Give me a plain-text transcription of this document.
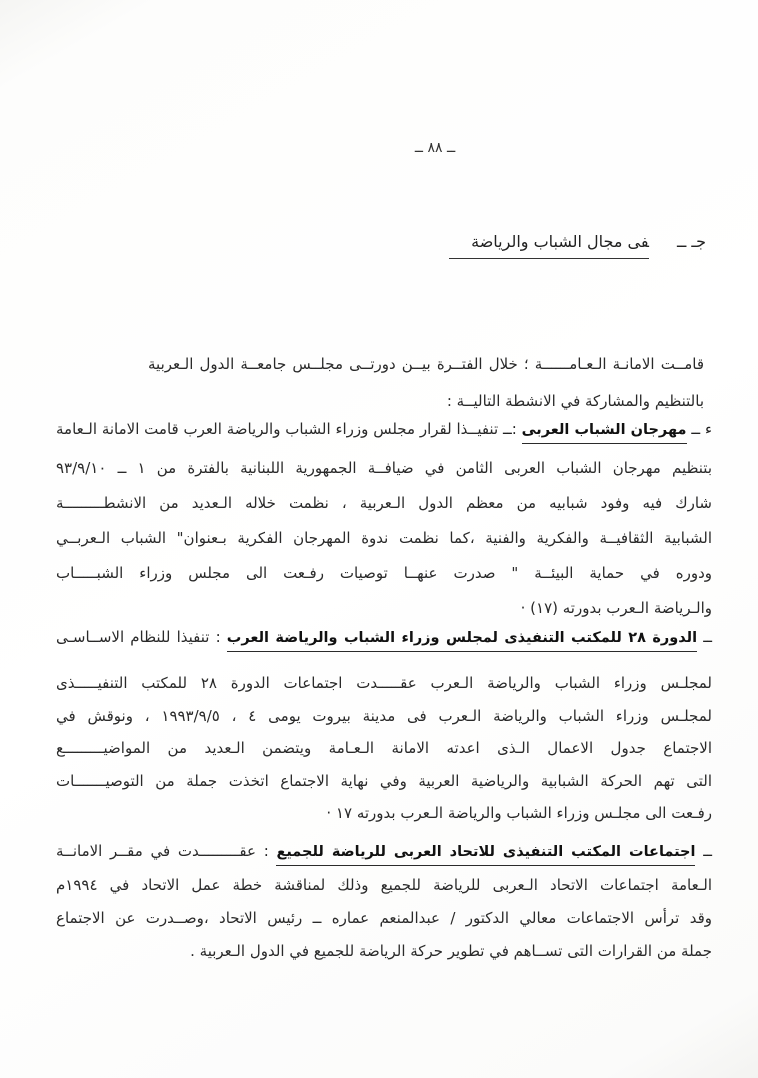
ــ ٨٨ ــ
جـ ــفى مجال الشباب والرياضة
قامــت الامانـة الـعـامــــــة ؛ خلال الفتــرة بيــن دورتــى مجلــس جامعــة الدول الـعربية
بالتنظيم والمشاركة في الانشطة التاليــة :
ء ــ مهرجان الشباب العربى :ــ تنفيــذا لقرار مجلس وزراء الشباب والرياضة العرب قامت الامانة الـعامة
بتنظيم مهرجان الشباب العربى الثامن في ضيافــة الجمهورية اللبنانية بالفترة من ١ ــ ٩٣/٩/١٠
شارك فيه وفود شبابيه من معظم الدول الـعربية ، نظمت خلاله الـعديد من الانشطـــــــــة
الشبابية الثقافيــة والفكرية والفنية ،كما نظمت ندوة المهرجان الفكرية بـعنوان" الشباب الـعربــي
ودوره في حماية البيئــة " صدرت عنهــا توصيات رفـعت الى مجلس وزراء الشبـــــاب
والـرياضة الـعرب بدورته (١٧) ·
ــ الدورة ٢٨ للمكتب التنفيذى لمجلس وزراء الشباب والرياضة العرب : تنفيذا للنظام الاســاسـى
لمجلـس وزراء الشباب والرياضة الـعرب عقـــــدت اجتماعات الدورة ٢٨ للمكتب التنفيـــــذى
لمجلـس وزراء الشباب والرياضة الـعرب فى مدينة بيروت يومى ٤ ، ١٩٩٣/٩/٥ ، ونوقش في
الاجتماع جدول الاعمال الـذى اعدته الامانة الـعـامة ويتضمن الـعديد من المواضيـــــــــع
التى تهم الحركة الشبابية والرياضية العربية وفي نهاية الاجتماع اتخذت جملة من التوصيـــــــات
رفـعت الى مجلـس وزراء الشباب والرياضة الـعرب بدورته ١٧ ·
ــ اجتماعات المكتب التنفيذى للاتحاد العربى للرياضة للجميع : عقـــــــــدت في مقــر الامانــة
الـعامة اجتماعات الاتحاد الـعربى للرياضة للجميع وذلك لمناقشة خطة عمل الاتحاد في ١٩٩٤م
وقد ترأس الاجتماعات معالي الدكتور / عبدالمنعم عماره ــ رئيس الاتحاد ،وصــدرت عن الاجتماع
جملة من القرارات التى تســاهم في تطوير حركة الرياضة للجميع في الدول الـعربية .
